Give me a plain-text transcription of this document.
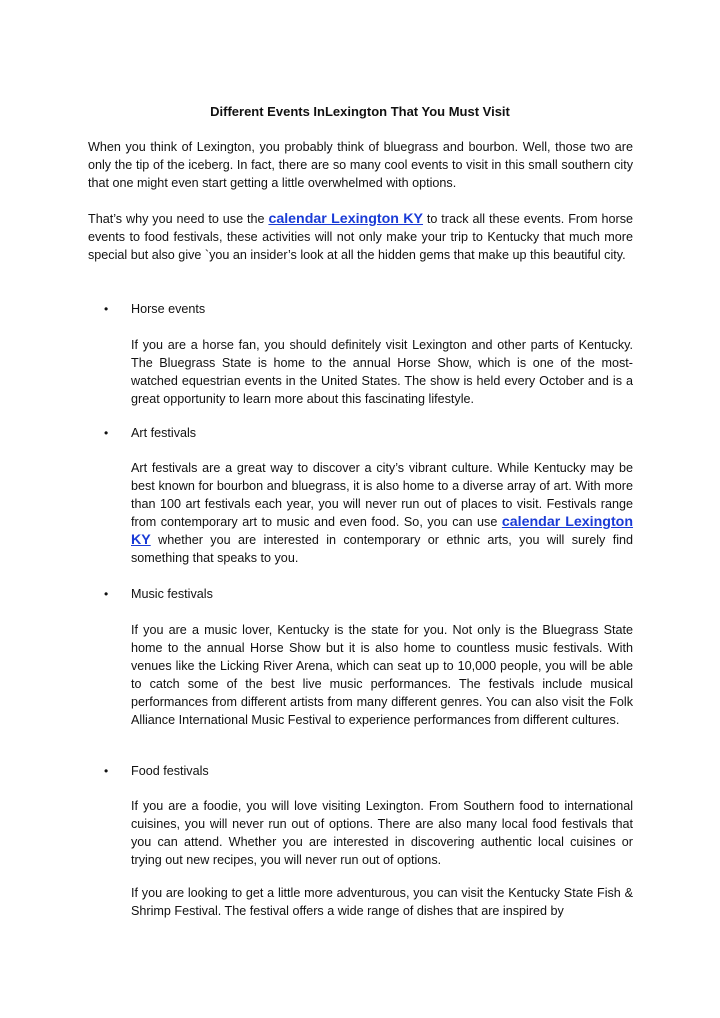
Different Events InLexington That You Must Visit

When you think of Lexington, you probably think of bluegrass and bourbon. Well, those two are only the tip of the iceberg. In fact, there are so many cool events to visit in this small southern city that one might even start getting a little overwhelmed with options.

That’s why you need to use the calendar Lexington KY to track all these events. From horse events to food festivals, these activities will not only make your trip to Kentucky that much more special but also give `you an insider’s look at all the hidden gems that make up this beautiful city.

•	Horse events

If you are a horse fan, you should definitely visit Lexington and other parts of Kentucky. The Bluegrass State is home to the annual Horse Show, which is one of the most-watched equestrian events in the United States. The show is held every October and is a great opportunity to learn more about this fascinating lifestyle.

•	Art festivals

Art festivals are a great way to discover a city’s vibrant culture. While Kentucky may be best known for bourbon and bluegrass, it is also home to a diverse array of art. With more than 100 art festivals each year, you will never run out of places to visit. Festivals range from contemporary art to music and even food. So, you can use calendar Lexington KY whether you are interested in contemporary or ethnic arts, you will surely find something that speaks to you.

•	Music festivals

If you are a music lover, Kentucky is the state for you. Not only is the Bluegrass State home to the annual Horse Show but it is also home to countless music festivals. With venues like the Licking River Arena, which can seat up to 10,000 people, you will be able to catch some of the best live music performances. The festivals include musical performances from different artists from many different genres. You can also visit the Folk Alliance International Music Festival to experience performances from different cultures.

•	Food festivals

If you are a foodie, you will love visiting Lexington. From Southern food to international cuisines, you will never run out of options. There are also many local food festivals that you can attend. Whether you are interested in discovering authentic local cuisines or trying out new recipes, you will never run out of options.

If you are looking to get a little more adventurous, you can visit the Kentucky State Fish & Shrimp Festival. The festival offers a wide range of dishes that are inspired by
